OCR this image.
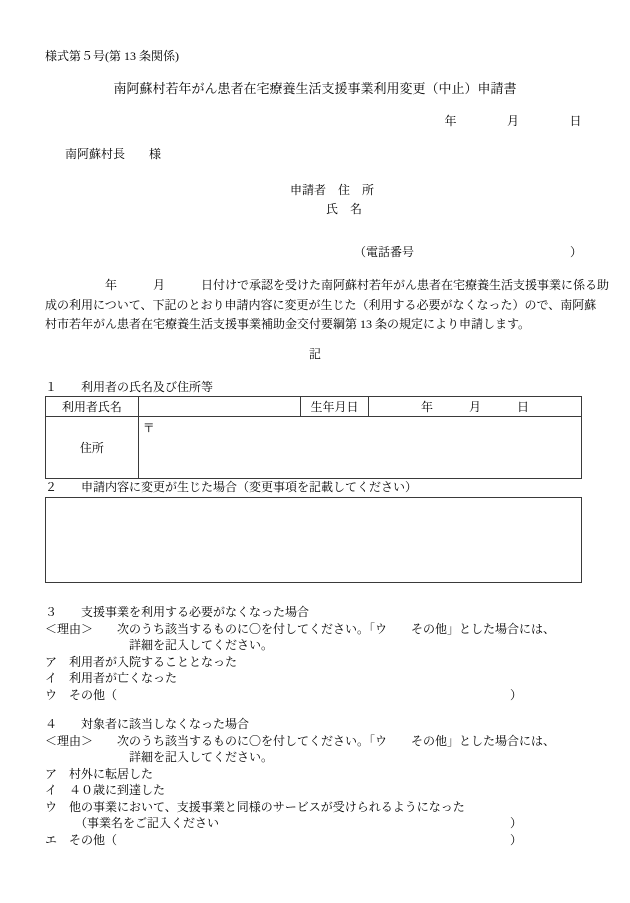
様式第５号(第 13 条関係)
南阿蘇村若年がん患者在宅療養生活支援事業利用変更（中止）申請書
年　　　　月　　　　日
南阿蘇村長　　様
申請者　 住　所
　　　氏　名
（電話番号　　　　　　　　　　　　　）
　　　　　年　　　月　　　日付けで承認を受けた南阿蘇村若年がん患者在宅療養生活支援事業に係る助
成の利用について、下記のとおり申請内容に変更が生じた（利用する必要がなくなった）ので、南阿蘇
村市若年がん患者在宅療養生活支援事業補助金交付要綱第 13 条の規定により申請します。
記
１　　利用者の氏名及び住所等
利用者氏名		生年月日	年　　　月　　　日
住所	〒		
２　　申請内容に変更が生じた場合（変更事項を記載してください）
３　　支援事業を利用する必要がなくなった場合
＜理由＞　　次のうち該当するものに〇を付してください。「ウ　　その他」とした場合には、
　　　　　　　詳細を記入してください。
ア　利用者が入院することとなった
イ　利用者が亡くなった
ウ　その他（	）
４　　対象者に該当しなくなった場合
＜理由＞　　次のうち該当するものに〇を付してください。「ウ　　その他」とした場合には、
　　　　　　　詳細を記入してください。
ア　村外に転居した
イ　４０歳に到達した
ウ　他の事業において、支援事業と同様のサービスが受けられるようになった
　　　（事業名をご記入ください	）
エ　その他（	）
